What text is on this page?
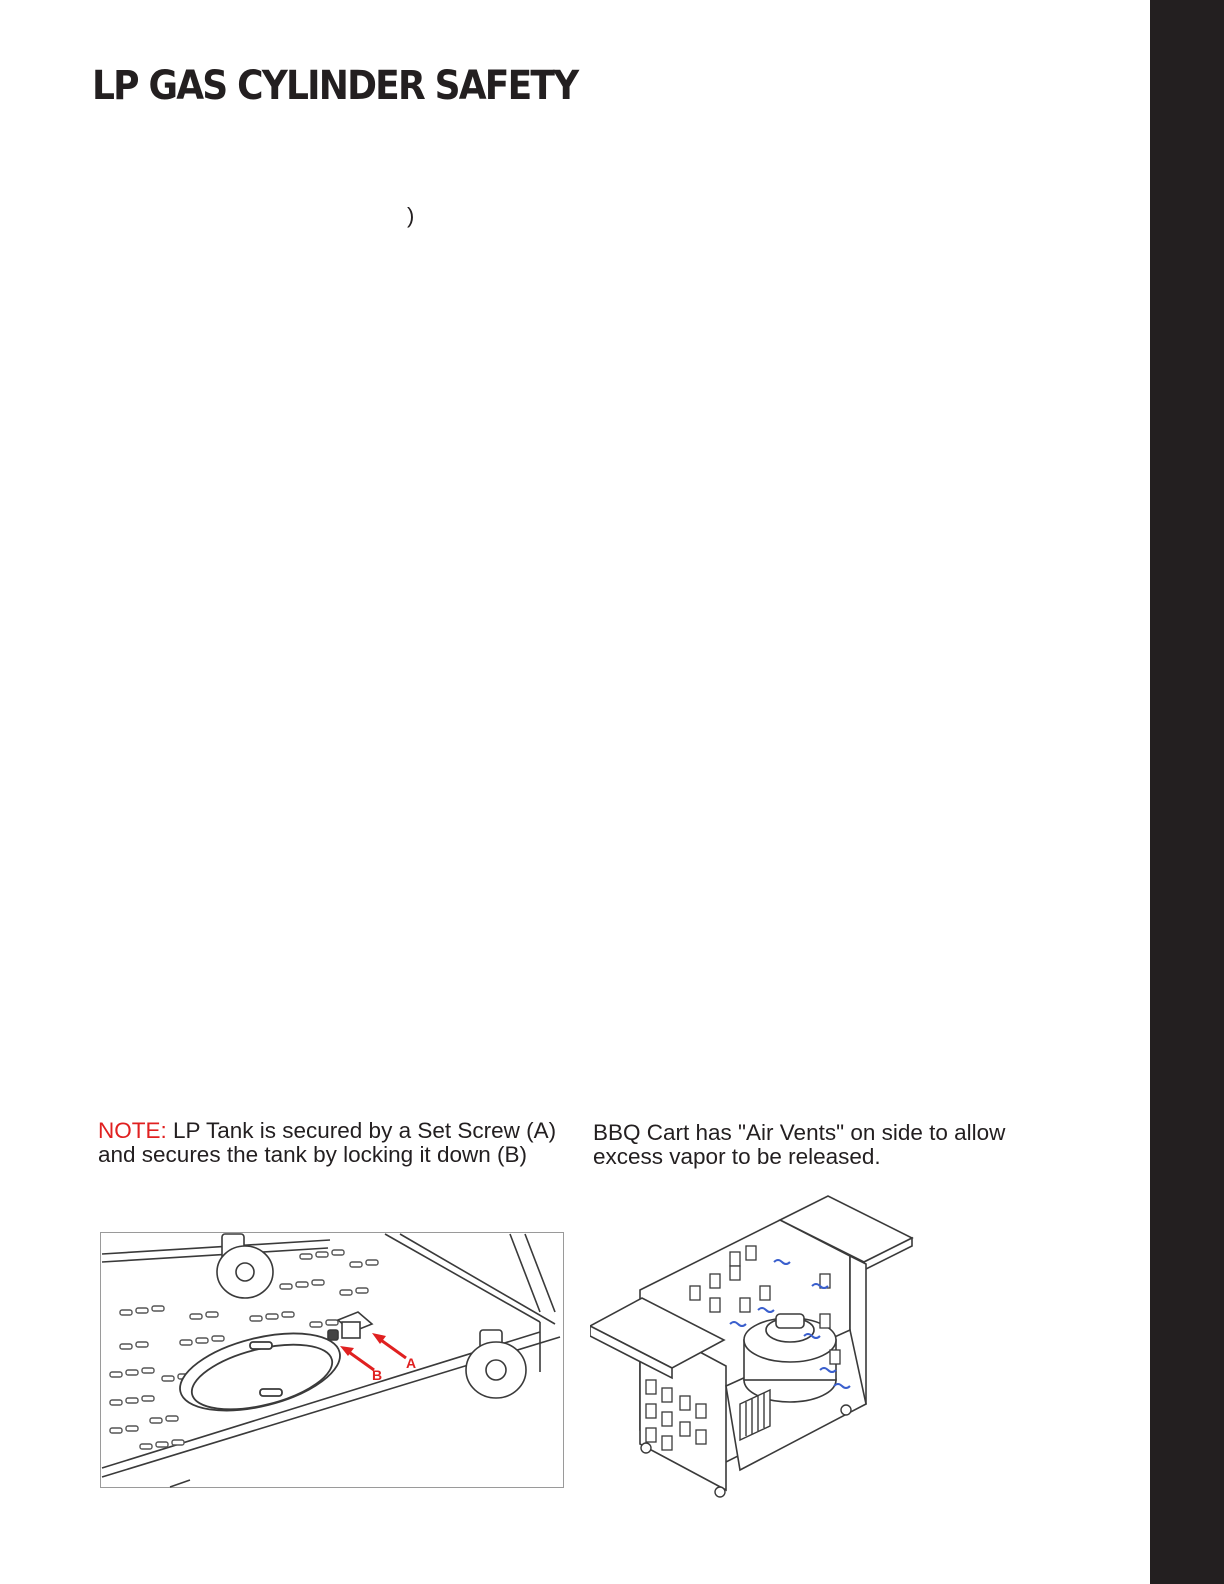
LP GAS CYLINDER SAFETY
)

NOTE: LP Tank is secured by a Set Screw (A) and secures the tank by locking it down (B)

BBQ Cart has "Air Vents" on side to allow excess vapor to be released.

A
B
